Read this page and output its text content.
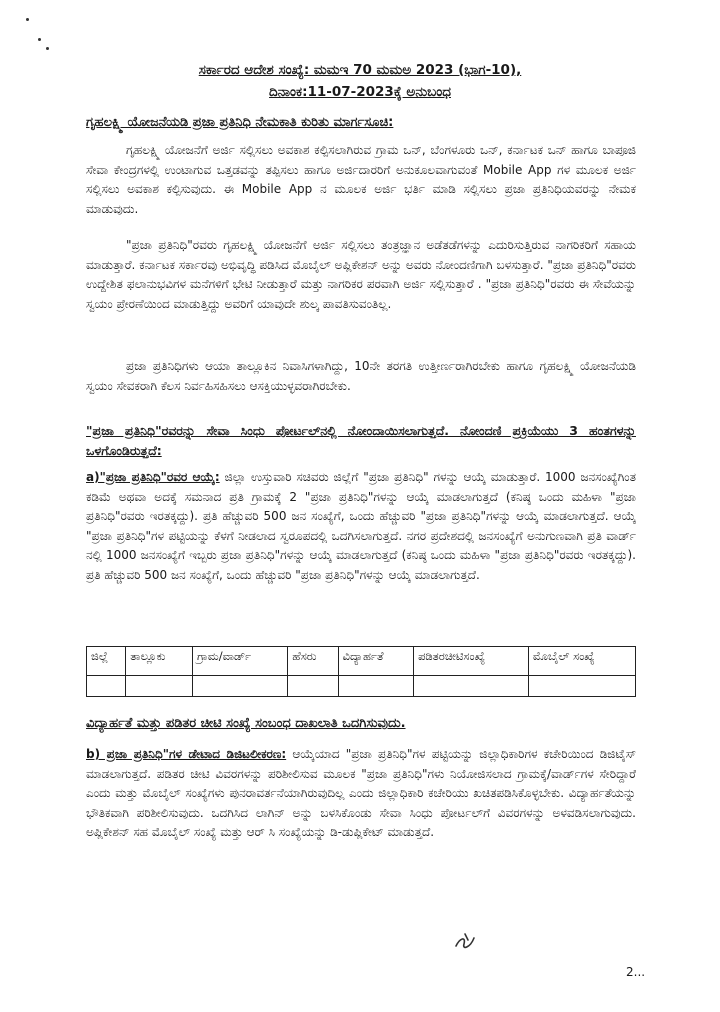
ಸರ್ಕಾರದ ಆದೇಶ ಸಂಖ್ಯೆ: ಮಮಇ 70 ಮಮಅ 2023 (ಭಾಗ-10),
ದಿನಾಂಕ:11-07-2023ಕ್ಕೆ ಅನುಬಂಧ
ಗೃಹಲಕ್ಷ್ಮಿ ಯೋಜನೆಯಡಿ ಪ್ರಜಾ ಪ್ರತಿನಿಧಿ ನೇಮಕಾತಿ ಕುರಿತು ಮಾರ್ಗಸೂಚಿ:

ಗೃಹಲಕ್ಷ್ಮಿ ಯೋಜನೆಗೆ ಅರ್ಜಿ ಸಲ್ಲಿಸಲು ಅವಕಾಶ ಕಲ್ಪಿಸಲಾಗಿರುವ ಗ್ರಾಮ ಒನ್, ಬೆಂಗಳೂರು ಒನ್, ಕರ್ನಾಟಕ ಒನ್ ಹಾಗೂ ಬಾಪೂಜಿ ಸೇವಾ ಕೇಂದ್ರಗಳಲ್ಲಿ ಉಂಟಾಗುವ ಒತ್ತಡವನ್ನು ತಪ್ಪಿಸಲು ಹಾಗೂ ಅರ್ಜಿದಾರರಿಗೆ ಅನುಕೂಲವಾಗುವಂತೆ Mobile App ಗಳ ಮೂಲಕ ಅರ್ಜಿ ಸಲ್ಲಿಸಲು ಅವಕಾಶ ಕಲ್ಪಿಸುವುದು. ಈ Mobile App ನ ಮೂಲಕ ಅರ್ಜಿ ಭರ್ತಿ ಮಾಡಿ ಸಲ್ಲಿಸಲು ಪ್ರಜಾ ಪ್ರತಿನಿಧಿಯವರನ್ನು ನೇಮಕ ಮಾಡುವುದು.

"ಪ್ರಜಾ ಪ್ರತಿನಿಧಿ"ರವರು ಗೃಹಲಕ್ಷ್ಮಿ ಯೋಜನೆಗೆ ಅರ್ಜಿ ಸಲ್ಲಿಸಲು ತಂತ್ರಜ್ಞಾನ ಅಡೆತಡೆಗಳನ್ನು ಎದುರಿಸುತ್ತಿರುವ ನಾಗರಿಕರಿಗೆ ಸಹಾಯ ಮಾಡುತ್ತಾರೆ. ಕರ್ನಾಟಕ ಸರ್ಕಾರವು ಅಭಿವೃದ್ಧಿ ಪಡಿಸಿದ ಮೊಬೈಲ್ ಅಪ್ಲಿಕೇಶನ್ ಅನ್ನು ಅವರು ನೋಂದಣಿಗಾಗಿ ಬಳಸುತ್ತಾರೆ. "ಪ್ರಜಾ ಪ್ರತಿನಿಧಿ"ರವರು ಉದ್ದೇಶಿತ ಫಲಾನುಭವಿಗಳ ಮನೆಗಳಿಗೆ ಭೇಟಿ ನೀಡುತ್ತಾರೆ ಮತ್ತು ನಾಗರಿಕರ ಪರವಾಗಿ ಅರ್ಜಿ ಸಲ್ಲಿಸುತ್ತಾರೆ . "ಪ್ರಜಾ ಪ್ರತಿನಿಧಿ"ರವರು ಈ ಸೇವೆಯನ್ನು ಸ್ವಯಂ ಪ್ರೇರಣೆಯಿಂದ ಮಾಡುತ್ತಿದ್ದು ಅವರಿಗೆ ಯಾವುದೇ ಶುಲ್ಕ ಪಾವತಿಸುವಂತಿಲ್ಲ.

ಪ್ರಜಾ ಪ್ರತಿನಿಧಿಗಳು ಆಯಾ ತಾಲ್ಲೂಕಿನ ನಿವಾಸಿಗಳಾಗಿದ್ದು, 10ನೇ ತರಗತಿ ಉತ್ತೀರ್ಣರಾಗಿರಬೇಕು ಹಾಗೂ ಗೃಹಲಕ್ಷ್ಮಿ ಯೋಜನೆಯಡಿ ಸ್ವಯಂ ಸೇವಕರಾಗಿ ಕೆಲಸ ನಿರ್ವಹಿಸಹಿಸಲು ಆಸಕ್ತಿಯುಳ್ಳವರಾಗಿರಬೇಕು.

"ಪ್ರಜಾ ಪ್ರತಿನಿಧಿ"ರವರನ್ನು ಸೇವಾ ಸಿಂಧು ಪೋರ್ಟಲ್‌ನಲ್ಲಿ ನೋಂದಾಯಿಸಲಾಗುತ್ತದೆ. ನೋಂದಣಿ ಪ್ರಕ್ರಿಯೆಯು 3 ಹಂತಗಳನ್ನು ಒಳಗೊಂಡಿರುತ್ತದೆ:

a)"ಪ್ರಜಾ ಪ್ರತಿನಿಧಿ"ರವರ ಆಯ್ಕೆ: ಜಿಲ್ಲಾ ಉಸ್ತುವಾರಿ ಸಚಿವರು ಜಿಲ್ಲೆಗೆ "ಪ್ರಜಾ ಪ್ರತಿನಿಧಿ" ಗಳನ್ನು ಆಯ್ಕೆ ಮಾಡುತ್ತಾರೆ. 1000 ಜನಸಂಖ್ಯೆಗಿಂತ ಕಡಿಮೆ ಅಥವಾ ಅದಕ್ಕೆ ಸಮನಾದ ಪ್ರತಿ ಗ್ರಾಮಕ್ಕೆ 2 "ಪ್ರಜಾ ಪ್ರತಿನಿಧಿ"ಗಳನ್ನು ಆಯ್ಕೆ ಮಾಡಲಾಗುತ್ತದೆ (ಕನಿಷ್ಠ ಒಂದು ಮಹಿಳಾ "ಪ್ರಜಾ ಪ್ರತಿನಿಧಿ"ರವರು ಇರತಕ್ಕದ್ದು). ಪ್ರತಿ ಹೆಚ್ಚುವರಿ 500 ಜನ ಸಂಖ್ಯೆಗೆ, ಒಂದು ಹೆಚ್ಚುವರಿ "ಪ್ರಜಾ ಪ್ರತಿನಿಧಿ"ಗಳನ್ನು ಆಯ್ಕೆ ಮಾಡಲಾಗುತ್ತದೆ. ಆಯ್ಕೆ "ಪ್ರಜಾ ಪ್ರತಿನಿಧಿ"ಗಳ ಪಟ್ಟಿಯನ್ನು ಕೆಳಗೆ ನೀಡಲಾದ ಸ್ವರೂಪದಲ್ಲಿ ಒದಗಿಸಲಾಗುತ್ತದೆ. ನಗರ ಪ್ರದೇಶದಲ್ಲಿ ಜನಸಂಖ್ಯೆಗೆ ಅನುಗುಣವಾಗಿ ಪ್ರತಿ ವಾರ್ಡ್ ನಲ್ಲಿ 1000 ಜನಸಂಖ್ಯೆಗೆ ಇಬ್ಬರು ಪ್ರಜಾ ಪ್ರತಿನಿಧಿ"ಗಳನ್ನು ಆಯ್ಕೆ ಮಾಡಲಾಗುತ್ತದೆ (ಕನಿಷ್ಠ ಒಂದು ಮಹಿಳಾ "ಪ್ರಜಾ ಪ್ರತಿನಿಧಿ"ರವರು ಇರತಕ್ಕದ್ದು). ಪ್ರತಿ ಹೆಚ್ಚುವರಿ 500 ಜನ ಸಂಖ್ಯೆಗೆ, ಒಂದು ಹೆಚ್ಚುವರಿ "ಪ್ರಜಾ ಪ್ರತಿನಿಧಿ"ಗಳನ್ನು ಆಯ್ಕೆ ಮಾಡಲಾಗುತ್ತದೆ.

ಜಿಲ್ಲೆ	ತಾಲ್ಲೂಕು	ಗ್ರಾಮ/ವಾರ್ಡ್	ಹೆಸರು	ವಿದ್ಯಾರ್ಹತೆ	ಪಡಿತರಚೀಟಿಸಂಖ್ಯೆ	ಮೊಬೈಲ್ ಸಂಖ್ಯೆ

ವಿದ್ಯಾರ್ಹತೆ ಮತ್ತು ಪಡಿತರ ಚೀಟಿ ಸಂಖ್ಯೆ ಸಂಬಂಧ ದಾಖಲಾತಿ ಒದಗಿಸುವುದು.

b) ಪ್ರಜಾ ಪ್ರತಿನಿಧಿ"ಗಳ ಡೇಟಾದ ಡಿಜಿಟಲೀಕರಣ: ಆಯ್ಕೆಯಾದ "ಪ್ರಜಾ ಪ್ರತಿನಿಧಿ"ಗಳ ಪಟ್ಟಿಯನ್ನು ಜಿಲ್ಲಾಧಿಕಾರಿಗಳ ಕಚೇರಿಯಿಂದ ಡಿಜಿಟೈಸ್ ಮಾಡಲಾಗುತ್ತದೆ. ಪಡಿತರ ಚೀಟಿ ವಿವರಗಳನ್ನು ಪರಿಶೀಲಿಸುವ ಮೂಲಕ "ಪ್ರಜಾ ಪ್ರತಿನಿಧಿ"ಗಳು ನಿಯೋಜಿಸಲಾದ ಗ್ರಾಮಕ್ಕೆ/ವಾರ್ಡ್‌ಗಳ ಸೇರಿದ್ದಾರೆ ಎಂದು ಮತ್ತು ಮೊಬೈಲ್ ಸಂಖ್ಯೆಗಳು ಪುನರಾವರ್ತನೆಯಾಗಿರುವುದಿಲ್ಲ ಎಂದು ಜಿಲ್ಲಾಧಿಕಾರಿ ಕಚೇರಿಯು ಖಚಿತಪಡಿಸಿಕೊಳ್ಳಬೇಕು. ವಿದ್ಯಾರ್ಹತೆಯನ್ನು ಭೌತಿಕವಾಗಿ ಪರಿಶೀಲಿಸುವುದು. ಒದಗಿಸಿದ ಲಾಗಿನ್ ಅನ್ನು ಬಳಸಿಕೊಂಡು ಸೇವಾ ಸಿಂಧು ಪೋರ್ಟಲ್‌ಗೆ ವಿವರಗಳನ್ನು ಅಳವಡಿಸಲಾಗುವುದು. ಅಪ್ಲಿಕೇಶನ್ ಸಹ ಮೊಬೈಲ್ ಸಂಖ್ಯೆ ಮತ್ತು ಆರ್ ಸಿ ಸಂಖ್ಯೆಯನ್ನು ಡಿ-ಡುಪ್ಲಿಕೇಟ್ ಮಾಡುತ್ತದೆ.

2...
